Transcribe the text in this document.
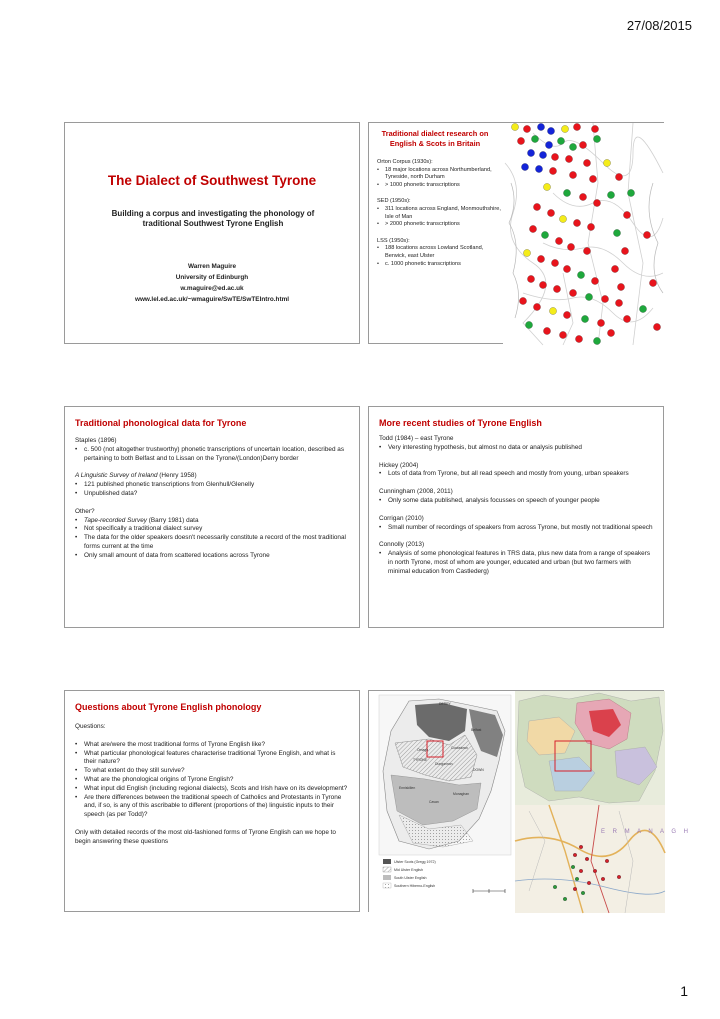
27/08/2015
The Dialect of Southwest Tyrone
Building a corpus and investigating the phonology of traditional Southwest Tyrone English
Warren Maguire
University of Edinburgh
w.maguire@ed.ac.uk
www.lel.ed.ac.uk/~wmaguire/SwTE/SwTEIntro.html
Traditional dialect research on English & Scots in Britain

Orton Corpus (1930s):

• 18 major locations across Northumberland, Tyneside, north Durham
• > 1000 phonetic transcriptions

SED (1950s):

• 311 locations across England, Monmouthshire, Isle of Man
• > 2000 phonetic transcriptions

LSS (1950s):

• 188 locations across Lowland Scotland, Berwick, east Ulster
• c. 1000 phonetic transcriptions
Traditional phonological data for Tyrone

Staples (1896)

• c. 500 (not altogether trustworthy) phonetic transcriptions of uncertain location, described as pertaining to both Belfast and to Lissan on the Tyrone/(London)Derry border

A Linguistic Survey of Ireland (Henry 1958)

• 121 published phonetic transcriptions from Glenhull/Glenelly
• Unpublished data?

Other?

• Tape-recorded Survey (Barry 1981) data
• Not specifically a traditional dialect survey
• The data for the older speakers doesn't necessarily constitute a record of the most traditional forms current at the time
• Only small amount of data from scattered locations across Tyrone
More recent studies of Tyrone English

Todd (1984) – east Tyrone

• Very interesting hypothesis, but almost no data or analysis published

Hickey (2004)

• Lots of data from Tyrone, but all read speech and mostly from young, urban speakers

Cunningham (2008, 2011)

• Only some data published, analysis focusses on speech of younger people

Corrigan (2010)

• Small number of recordings of speakers from across Tyrone, but mostly not traditional speech

Connolly (2013)

• Analysis of some phonological features in TRS data, plus new data from a range of speakers in north Tyrone, most of whom are younger, educated and urban (but two farmers with minimal education from Castlederg)
Questions about Tyrone English phonology

Questions:

• What are/were the most traditional forms of Tyrone English like?
• What particular phonological features characterise traditional Tyrone English, and what is their nature?
• To what extent do they still survive?
• What are the phonological origins of Tyrone English?
• What input did English (including regional dialects), Scots and Irish have on its development?
• Are there differences between the traditional speech of Catholics and Protestants in Tyrone and, if so, is any of this ascribable to different (proportions of the) linguistic inputs to their speech (as per Todd)?

Only with detailed records of the most old-fashioned forms of Tyrone English can we hope to begin answering these questions

DERRY
Belfast
Cookstown
TYRONE
Dungannon
Enniskillen
Omagh
DOWN
Cavan
Monaghan
Ulster Scots (Gregg 1972)
Mid Ulster English
South Ulster English
Southern Hiberno-English
E R M A N A G H
1
